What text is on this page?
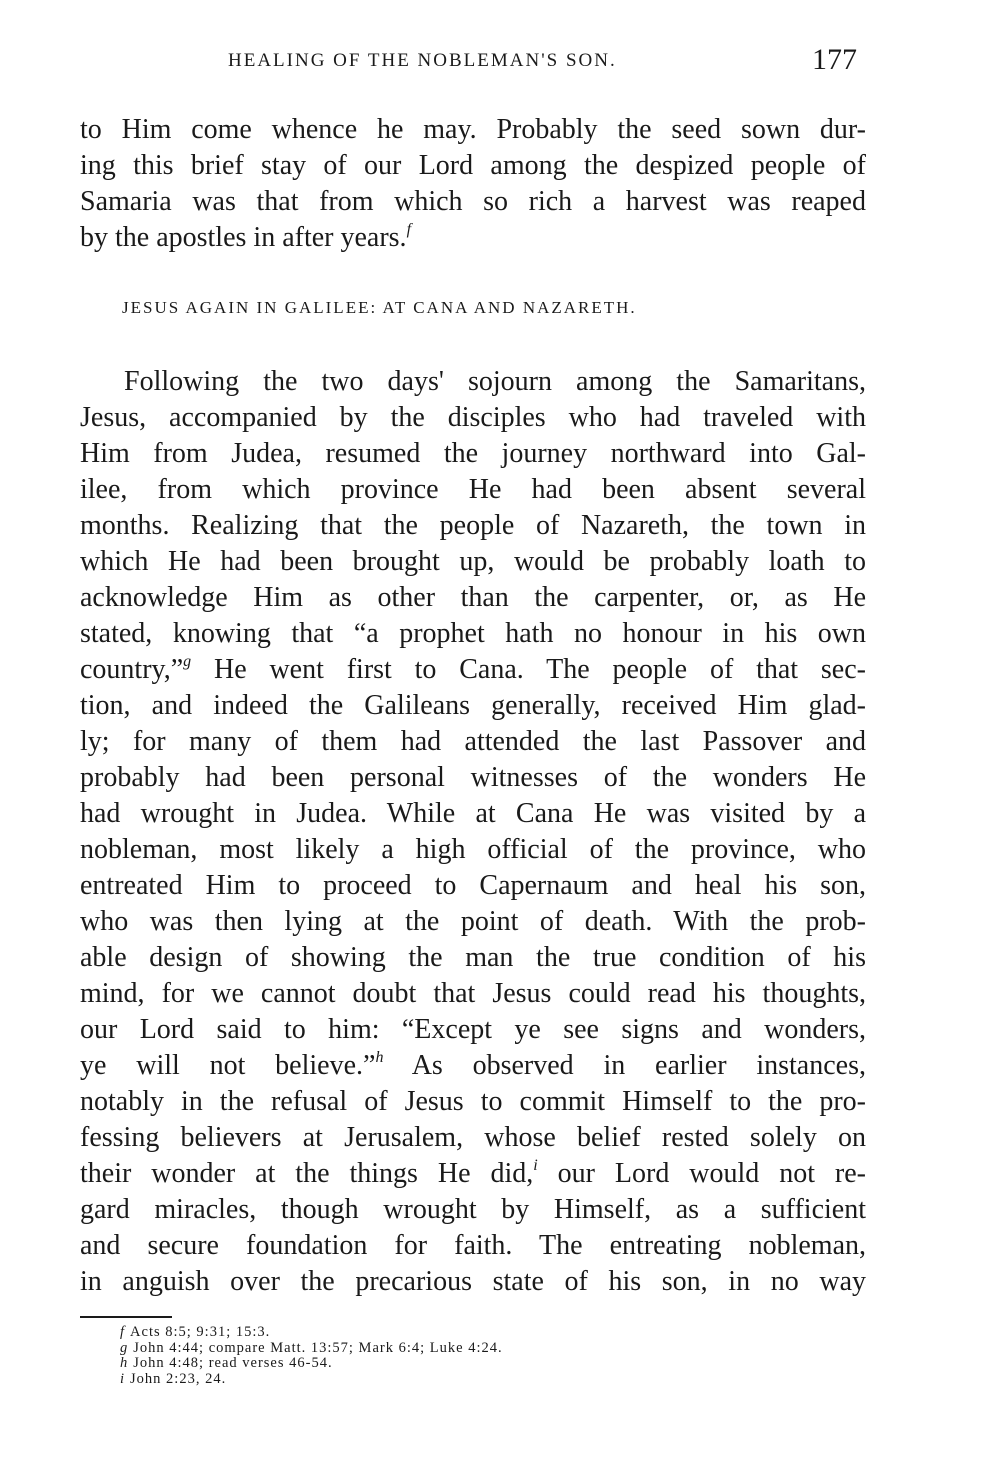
HEALING OF THE NOBLEMAN'S SON.	177
to Him come whence he may. Probably the seed sown dur-
ing this brief stay of our Lord among the despized people of
Samaria was that from which so rich a harvest was reaped
by the apostles in after years.$^f$
JESUS AGAIN IN GALILEE: AT CANA AND NAZARETH.
Following the two days' sojourn among the Samaritans,
Jesus, accompanied by the disciples who had traveled with
Him from Judea, resumed the journey northward into Gal-
ilee, from which province He had been absent several
months. Realizing that the people of Nazareth, the town in
which He had been brought up, would be probably loath to
acknowledge Him as other than the carpenter, or, as He
stated, knowing that “a prophet hath no honour in his own
country,”$^g$ He went first to Cana. The people of that sec-
tion, and indeed the Galileans generally, received Him glad-
ly; for many of them had attended the last Passover and
probably had been personal witnesses of the wonders He
had wrought in Judea. While at Cana He was visited by a
nobleman, most likely a high official of the province, who
entreated Him to proceed to Capernaum and heal his son,
who was then lying at the point of death. With the prob-
able design of showing the man the true condition of his
mind, for we cannot doubt that Jesus could read his thoughts,
our Lord said to him: “Except ye see signs and wonders,
ye will not believe.”$^h$ As observed in earlier instances,
notably in the refusal of Jesus to commit Himself to the pro-
fessing believers at Jerusalem, whose belief rested solely on
their wonder at the things He did,$^i$ our Lord would not re-
gard miracles, though wrought by Himself, as a sufficient
and secure foundation for faith. The entreating nobleman,
in anguish over the precarious state of his son, in no way
f Acts 8:5; 9:31; 15:3.
g John 4:44; compare Matt. 13:57; Mark 6:4; Luke 4:24.
h John 4:48; read verses 46-54.
i John 2:23, 24.
